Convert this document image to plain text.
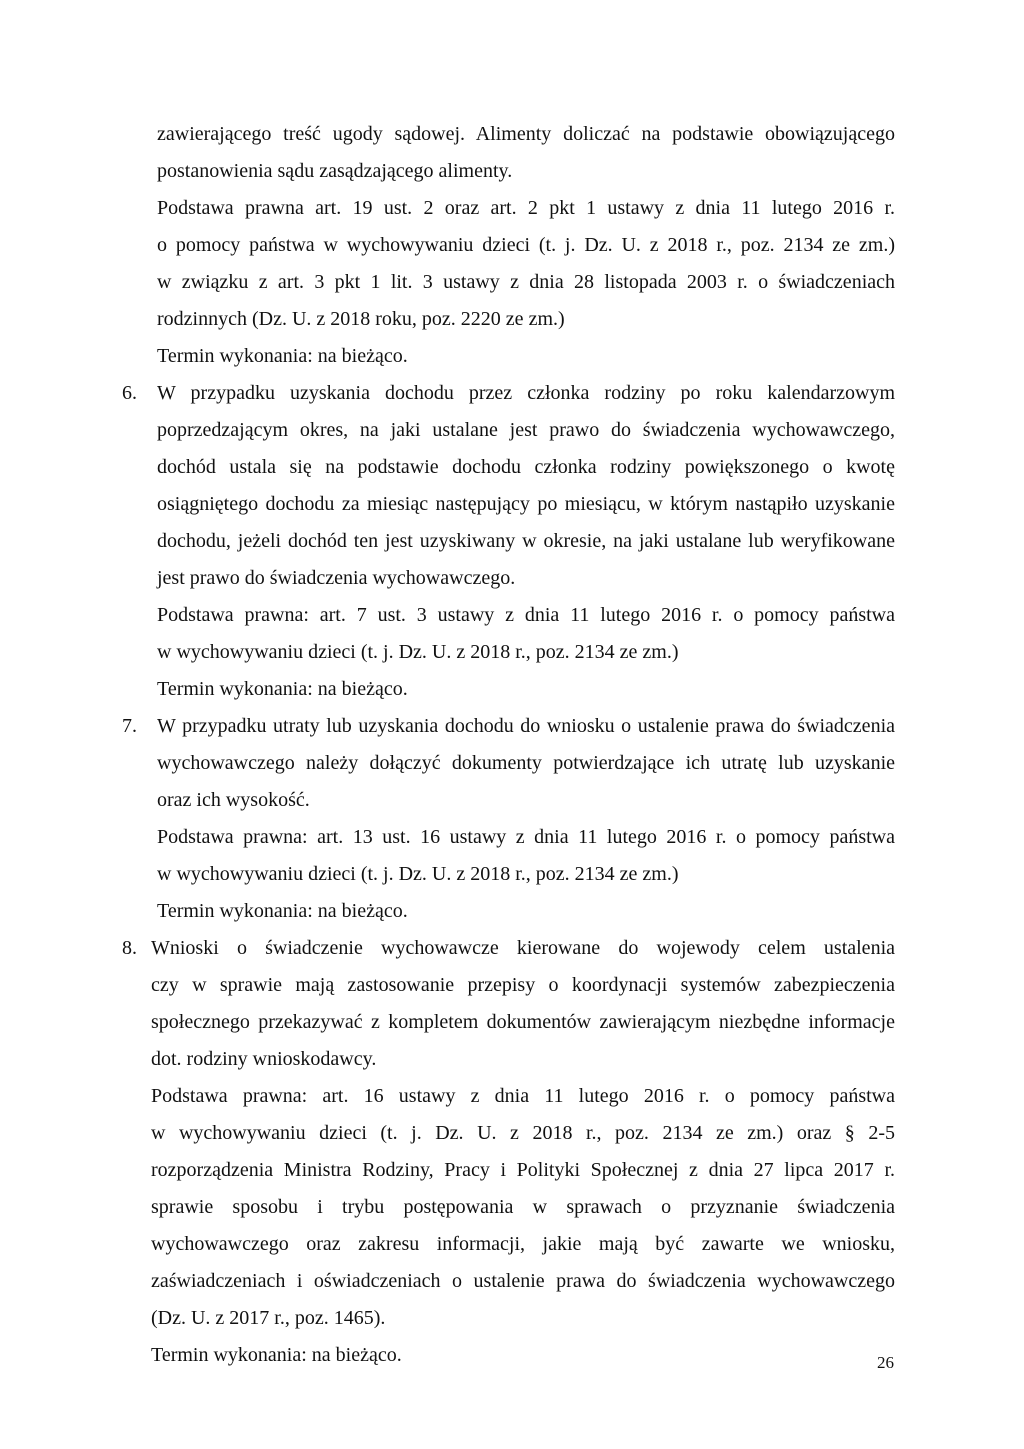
zawierającego treść ugody sądowej. Alimenty doliczać na podstawie obowiązującego
postanowienia sądu zasądzającego alimenty.
Podstawa prawna art. 19 ust. 2 oraz art. 2 pkt 1 ustawy z dnia 11 lutego 2016 r.
o pomocy państwa w wychowywaniu dzieci (t. j. Dz. U. z 2018 r., poz. 2134 ze zm.)
w związku z art. 3 pkt 1 lit. 3 ustawy z dnia 28 listopada 2003 r. o świadczeniach
rodzinnych (Dz. U. z 2018 roku, poz. 2220 ze zm.)
Termin wykonania: na bieżąco.
6. W przypadku uzyskania dochodu przez członka rodziny po roku kalendarzowym
poprzedzającym okres, na jaki ustalane jest prawo do świadczenia wychowawczego,
dochód ustala się na podstawie dochodu członka rodziny powiększonego o kwotę
osiągniętego dochodu za miesiąc następujący po miesiącu, w którym nastąpiło uzyskanie
dochodu, jeżeli dochód ten jest uzyskiwany w okresie, na jaki ustalane lub weryfikowane
jest prawo do świadczenia wychowawczego.
Podstawa prawna: art. 7 ust. 3 ustawy z dnia 11 lutego 2016 r. o pomocy państwa
w wychowywaniu dzieci (t. j. Dz. U. z 2018 r., poz. 2134 ze zm.)
Termin wykonania: na bieżąco.
7. W przypadku utraty lub uzyskania dochodu do wniosku o ustalenie prawa do świadczenia
wychowawczego należy dołączyć dokumenty potwierdzające ich utratę lub uzyskanie
oraz ich wysokość.
Podstawa prawna: art. 13 ust. 16 ustawy z dnia 11 lutego 2016 r. o pomocy państwa
w wychowywaniu dzieci (t. j. Dz. U. z 2018 r., poz. 2134 ze zm.)
Termin wykonania: na bieżąco.
8. Wnioski o świadczenie wychowawcze kierowane do wojewody celem ustalenia
czy w sprawie mają zastosowanie przepisy o koordynacji systemów zabezpieczenia
społecznego przekazywać z kompletem dokumentów zawierającym niezbędne informacje
dot. rodziny wnioskodawcy.
Podstawa prawna: art. 16 ustawy z dnia 11 lutego 2016 r. o pomocy państwa
w wychowywaniu dzieci (t. j. Dz. U. z 2018 r., poz. 2134 ze zm.) oraz § 2-5
rozporządzenia Ministra Rodziny, Pracy i Polityki Społecznej z dnia 27 lipca 2017 r.
sprawie sposobu i trybu postępowania w sprawach o przyznanie świadczenia
wychowawczego oraz zakresu informacji, jakie mają być zawarte we wniosku,
zaświadczeniach i oświadczeniach o ustalenie prawa do świadczenia wychowawczego
(Dz. U. z 2017 r., poz. 1465).
Termin wykonania: na bieżąco.	26
